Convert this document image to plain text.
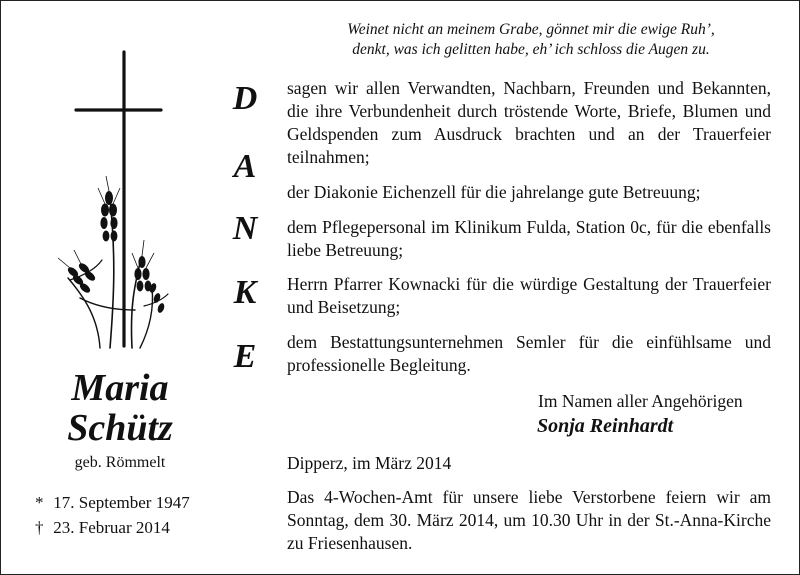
Weinet nicht an meinem Grabe, gönnet mir die ewige Ruh’,
denkt, was ich gelitten habe, eh’ ich schloss die Augen zu.
D
A
N
K
E

sagen wir allen Verwandten, Nachbarn, Freunden und Bekannten, die ihre Verbundenheit durch tröstende Worte, Briefe, Blumen und Geldspenden zum Ausdruck brachten und an der Trauerfeier teilnahmen;

der Diakonie Eichenzell für die jahrelange gute Betreuung;

dem Pflegepersonal im Klinikum Fulda, Station 0c, für die ebenfalls liebe Betreuung;

Herrn Pfarrer Kownacki für die würdige Gestaltung der Trauerfeier und Beisetzung;

dem Bestattungsunternehmen Semler für die einfühlsame und professionelle Begleitung.

Im Namen aller Angehörigen
Sonja Reinhardt
Dipperz, im März 2014
Das 4-Wochen-Amt für unsere liebe Verstorbene feiern wir am Sonntag, dem 30. März 2014, um 10.30 Uhr in der St.-Anna-Kirche zu Friesenhausen.
Maria
Schütz
geb. Römmelt
* 17. September 1947
† 23. Februar 2014
